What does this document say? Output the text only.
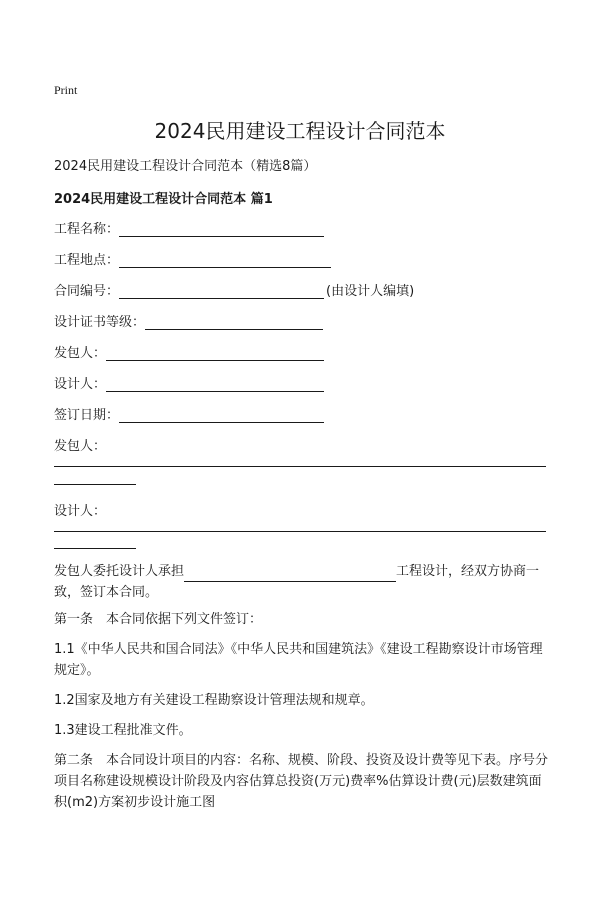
Print
2024民用建设工程设计合同范本
2024民用建设工程设计合同范本（精选8篇）
2024民用建设工程设计合同范本 篇1
工程名称：
工程地点：
合同编号：	(由设计人编填)
设计证书等级：
发包人：
设计人：
签订日期：
发包人：
设计人：
发包人委托设计人承担	工程设计，经双方协商一致，签订本合同。
第一条　本合同依据下列文件签订：
1.1《中华人民共和国合同法》《中华人民共和国建筑法》《建设工程勘察设计市场管理规定》。
1.2国家及地方有关建设工程勘察设计管理法规和规章。
1.3建设工程批准文件。
第二条　本合同设计项目的内容：名称、规模、阶段、投资及设计费等见下表。序号分项目名称建设规模设计阶段及内容估算总投资(万元)费率%估算设计费(元)层数建筑面积(m2)方案初步设计施工图
